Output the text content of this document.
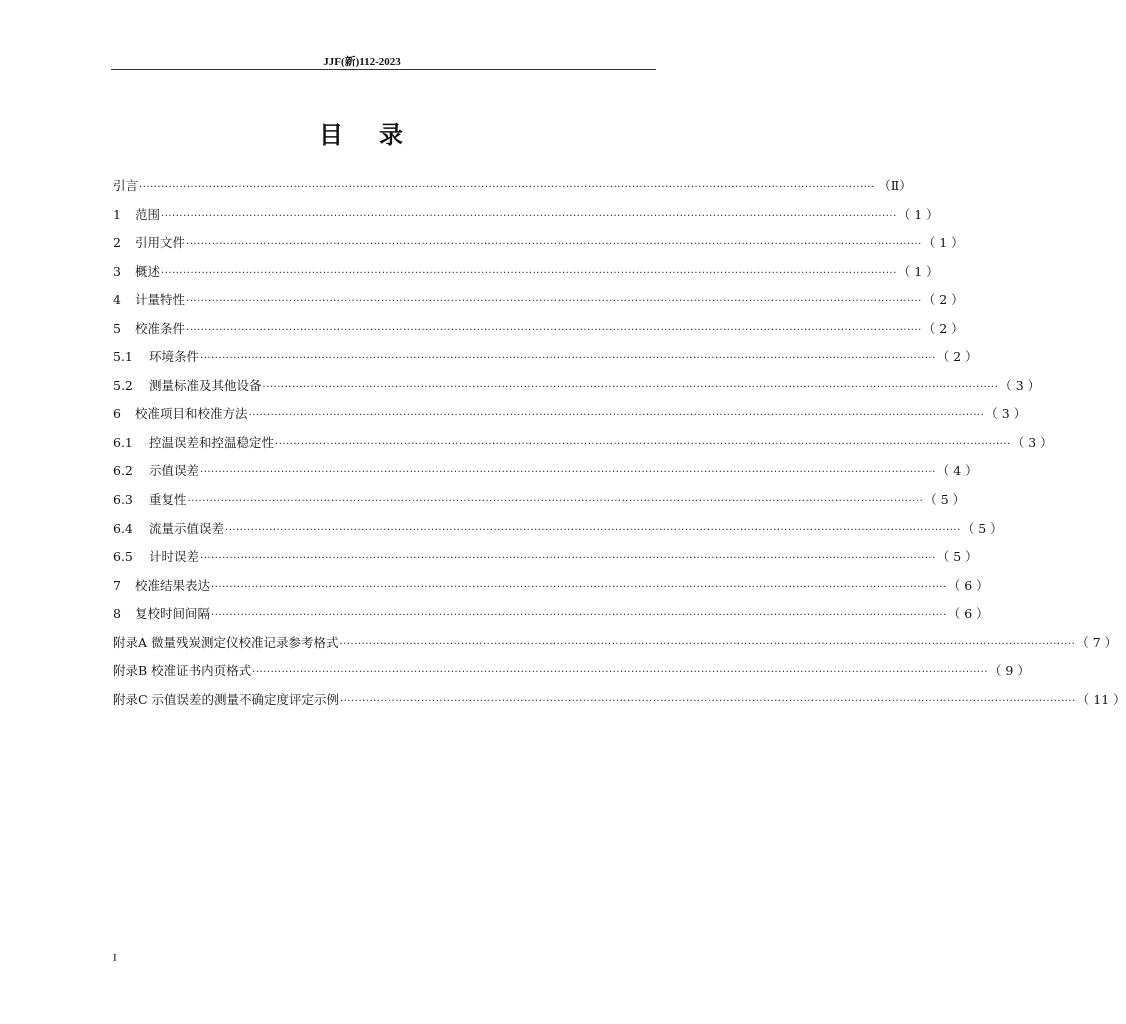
JJF(新)112-2023
目录
引言 ········································································································································································································ （Ⅱ）
1	范围 ········································································································································································································ （ 1 ）
2	引用文件 ········································································································································································································ （ 1 ）
3	概述 ········································································································································································································ （ 1 ）
4	计量特性 ········································································································································································································ （ 2 ）
5	校准条件 ········································································································································································································ （ 2 ）
5.1	环境条件 ········································································································································································································ （ 2 ）
5.2	测量标准及其他设备 ········································································································································································································ （ 3 ）
6	校准项目和校准方法 ········································································································································································································ （ 3 ）
6.1	控温误差和控温稳定性 ········································································································································································································ （ 3 ）
6.2	示值误差 ········································································································································································································ （ 4 ）
6.3	重复性 ········································································································································································································ （ 5 ）
6.4	流量示值误差 ········································································································································································································ （ 5 ）
6.5	计时误差 ········································································································································································································ （ 5 ）
7	校准结果表达 ········································································································································································································ （ 6 ）
8	复校时间间隔 ········································································································································································································ （ 6 ）
附录A 微量残炭测定仪校准记录参考格式 ········································································································································································································ （ 7 ）
附录B 校准证书内页格式 ········································································································································································································ （ 9 ）
附录C 示值误差的测量不确定度评定示例 ········································································································································································································ （ 11 ）
I
